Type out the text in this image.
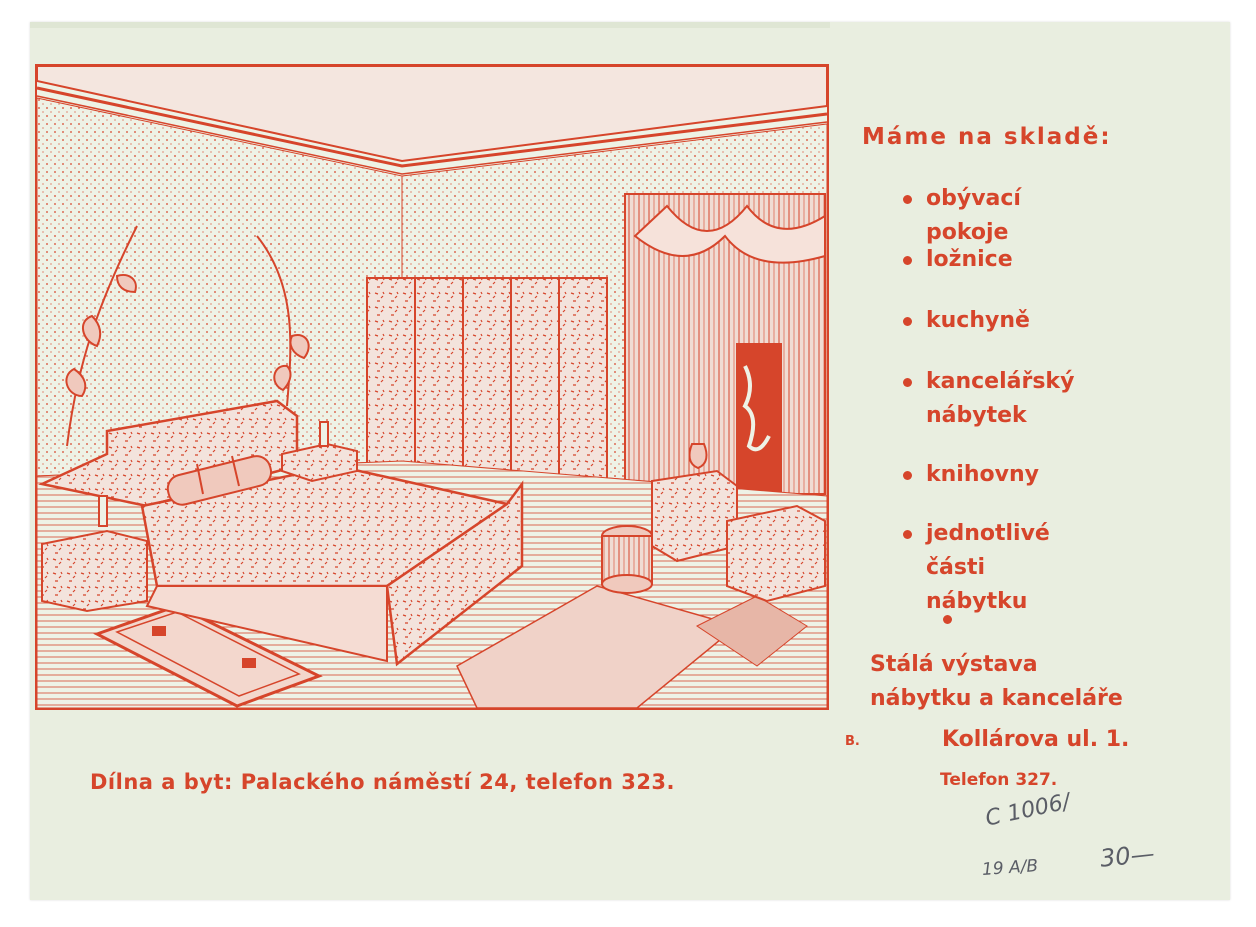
B.
Máme na skladě:
obývací pokoje
ložnice
kuchyně
kancelářský
nábytek
knihovny
jednotlivé části
nábytku

Stálá výstava
nábytku a kanceláře

Kollárova ul. 1.
Telefon 327.
Dílna a byt: Palackého náměstí 24, telefon 323.
C 1006/
19 A/B 30—
